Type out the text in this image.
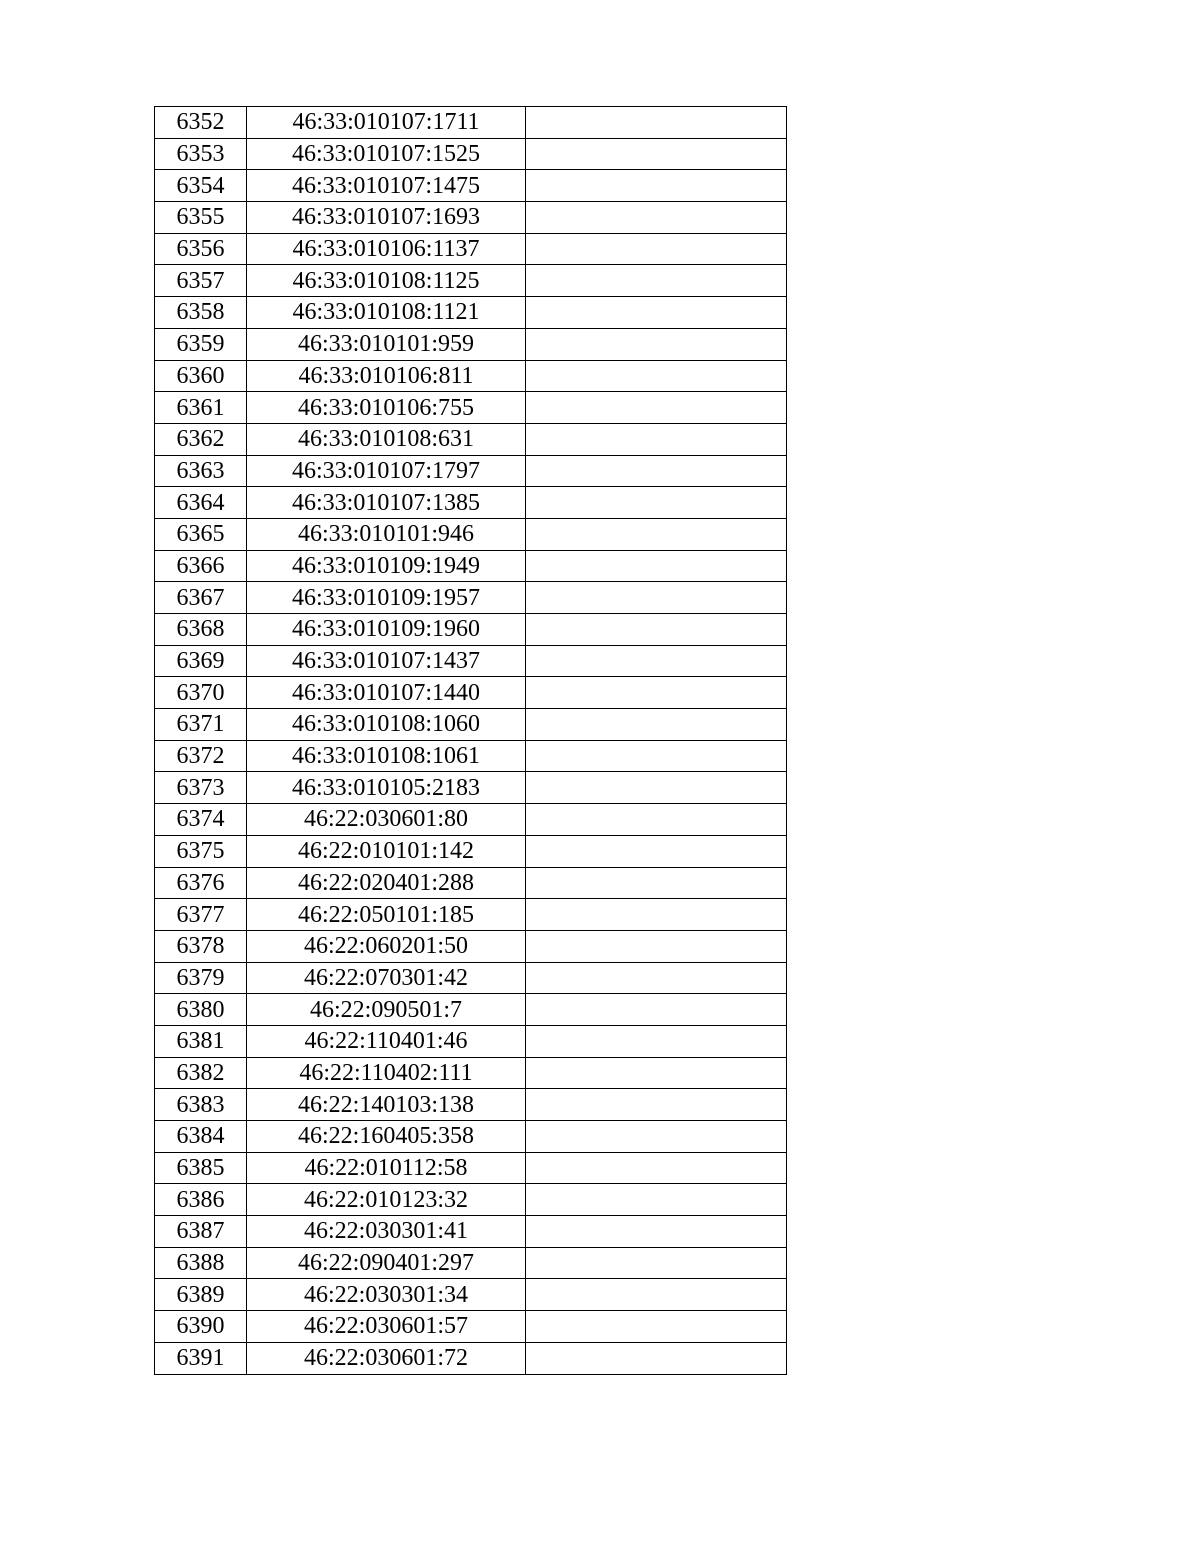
6352	46:33:010107:1711	
6353	46:33:010107:1525	
6354	46:33:010107:1475	
6355	46:33:010107:1693	
6356	46:33:010106:1137	
6357	46:33:010108:1125	
6358	46:33:010108:1121	
6359	46:33:010101:959	
6360	46:33:010106:811	
6361	46:33:010106:755	
6362	46:33:010108:631	
6363	46:33:010107:1797	
6364	46:33:010107:1385	
6365	46:33:010101:946	
6366	46:33:010109:1949	
6367	46:33:010109:1957	
6368	46:33:010109:1960	
6369	46:33:010107:1437	
6370	46:33:010107:1440	
6371	46:33:010108:1060	
6372	46:33:010108:1061	
6373	46:33:010105:2183	
6374	46:22:030601:80	
6375	46:22:010101:142	
6376	46:22:020401:288	
6377	46:22:050101:185	
6378	46:22:060201:50	
6379	46:22:070301:42	
6380	46:22:090501:7	
6381	46:22:110401:46	
6382	46:22:110402:111	
6383	46:22:140103:138	
6384	46:22:160405:358	
6385	46:22:010112:58	
6386	46:22:010123:32	
6387	46:22:030301:41	
6388	46:22:090401:297	
6389	46:22:030301:34	
6390	46:22:030601:57	
6391	46:22:030601:72	
